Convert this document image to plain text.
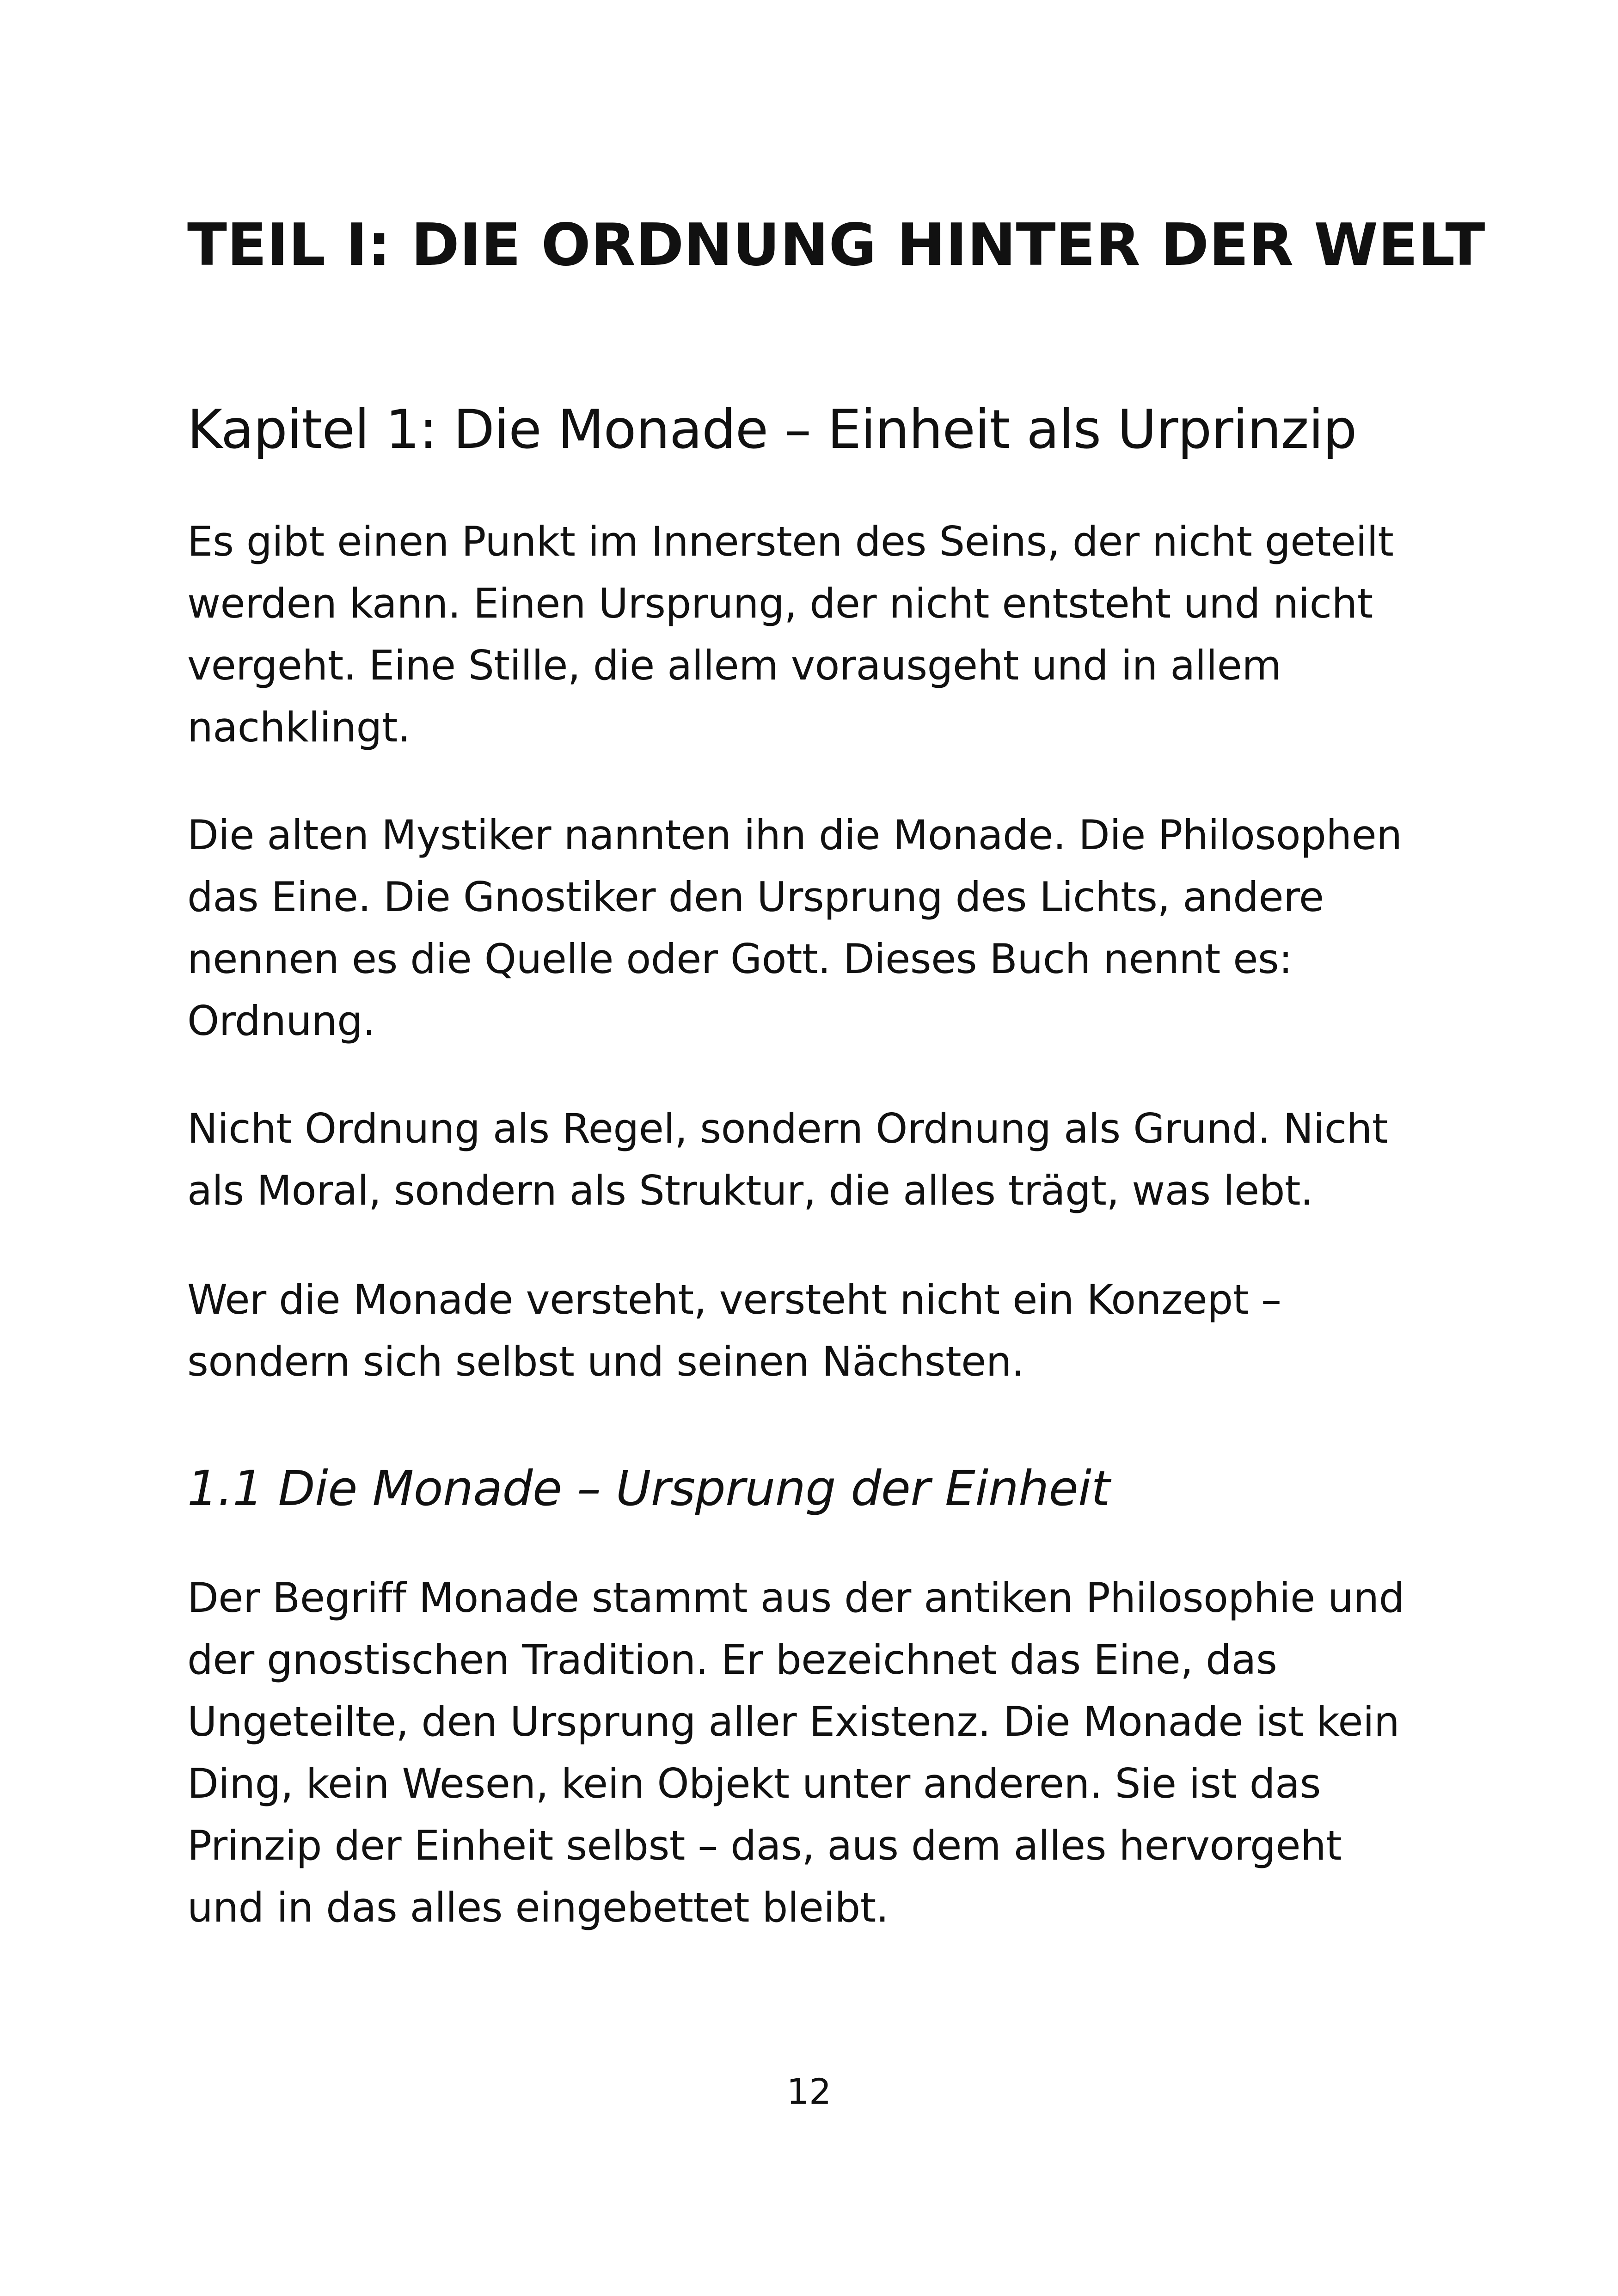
TEIL I: DIE ORDNUNG HINTER DER WELT
Kapitel 1: Die Monade – Einheit als Urprinzip

Es gibt einen Punkt im Innersten des Seins, der nicht geteilt
werden kann. Einen Ursprung, der nicht entsteht und nicht
vergeht. Eine Stille, die allem vorausgeht und in allem
nachklingt.

Die alten Mystiker nannten ihn die Monade. Die Philosophen
das Eine. Die Gnostiker den Ursprung des Lichts, andere
nennen es die Quelle oder Gott. Dieses Buch nennt es:
Ordnung.

Nicht Ordnung als Regel, sondern Ordnung als Grund. Nicht
als Moral, sondern als Struktur, die alles trägt, was lebt.

Wer die Monade versteht, versteht nicht ein Konzept –
sondern sich selbst und seinen Nächsten.

1.1 Die Monade – Ursprung der Einheit

Der Begriff Monade stammt aus der antiken Philosophie und
der gnostischen Tradition. Er bezeichnet das Eine, das
Ungeteilte, den Ursprung aller Existenz. Die Monade ist kein
Ding, kein Wesen, kein Objekt unter anderen. Sie ist das
Prinzip der Einheit selbst – das, aus dem alles hervorgeht
und in das alles eingebettet bleibt.

12
